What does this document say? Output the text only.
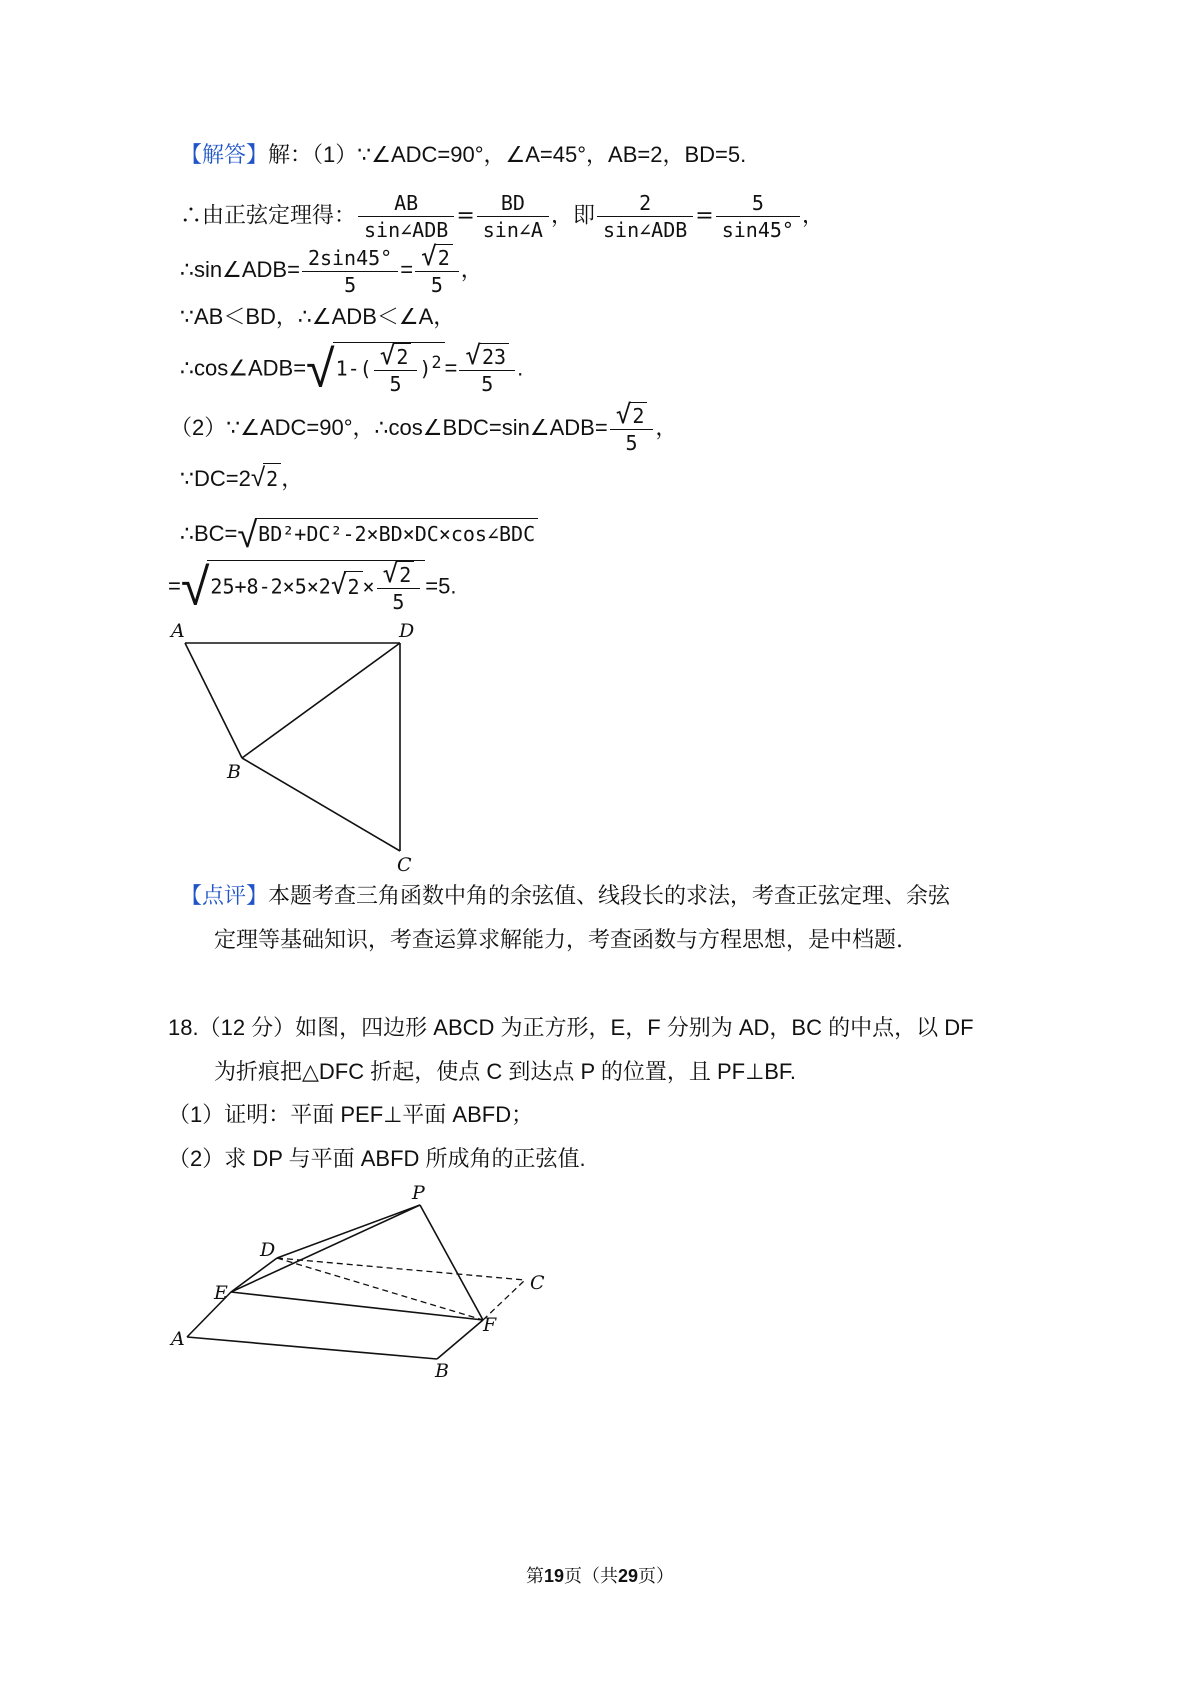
【解答】解：（1）∵∠ADC=90°，∠A=45°，AB=2，BD=5.
∴由正弦定理得： $\frac{AB}{\text{sin∠ADB}} = \frac{BD}{\sin\angle A}$ ，即 $\frac{2}{\text{sin∠ADB}} = \frac{5}{\sin 45^\circ}$ ，
∴sin∠ADB= $\frac{2\sin 45^\circ}{5} = \frac{√2}{5}$ ，
∵AB＜BD，∴∠ADB＜∠A，
∴cos∠ADB=√1-( $\frac{√2}{5} )^2 = \frac{√23}{5}$ .
（2）∵∠ADC=90°，∴cos∠BDC=sin∠ADB= $\frac{√2}{5}$ ，
∵DC=2√2 ，
∴BC=√BD²+DC²-2×BD×DC×cos∠BDC
$=√25+8-2\times 5\times 2√2 \times \frac{√2}{5} =5$.
A	D
B
C
【点评】本题考查三角函数中角的余弦值、线段长的求法，考查正弦定理、余弦
定理等基础知识，考查运算求解能力，考查函数与方程思想，是中档题.
18.（12 分）如图，四边形 ABCD 为正方形，E，F 分别为 AD，BC 的中点，以 DF
为折痕把△DFC 折起，使点 C 到达点 P 的位置，且 PF⊥BF.
（1）证明：平面 PEF⊥平面 ABFD；
（2）求 DP 与平面 ABFD 所成角的正弦值.
P
D
E	C
F
A
B
第19页（共29页）
